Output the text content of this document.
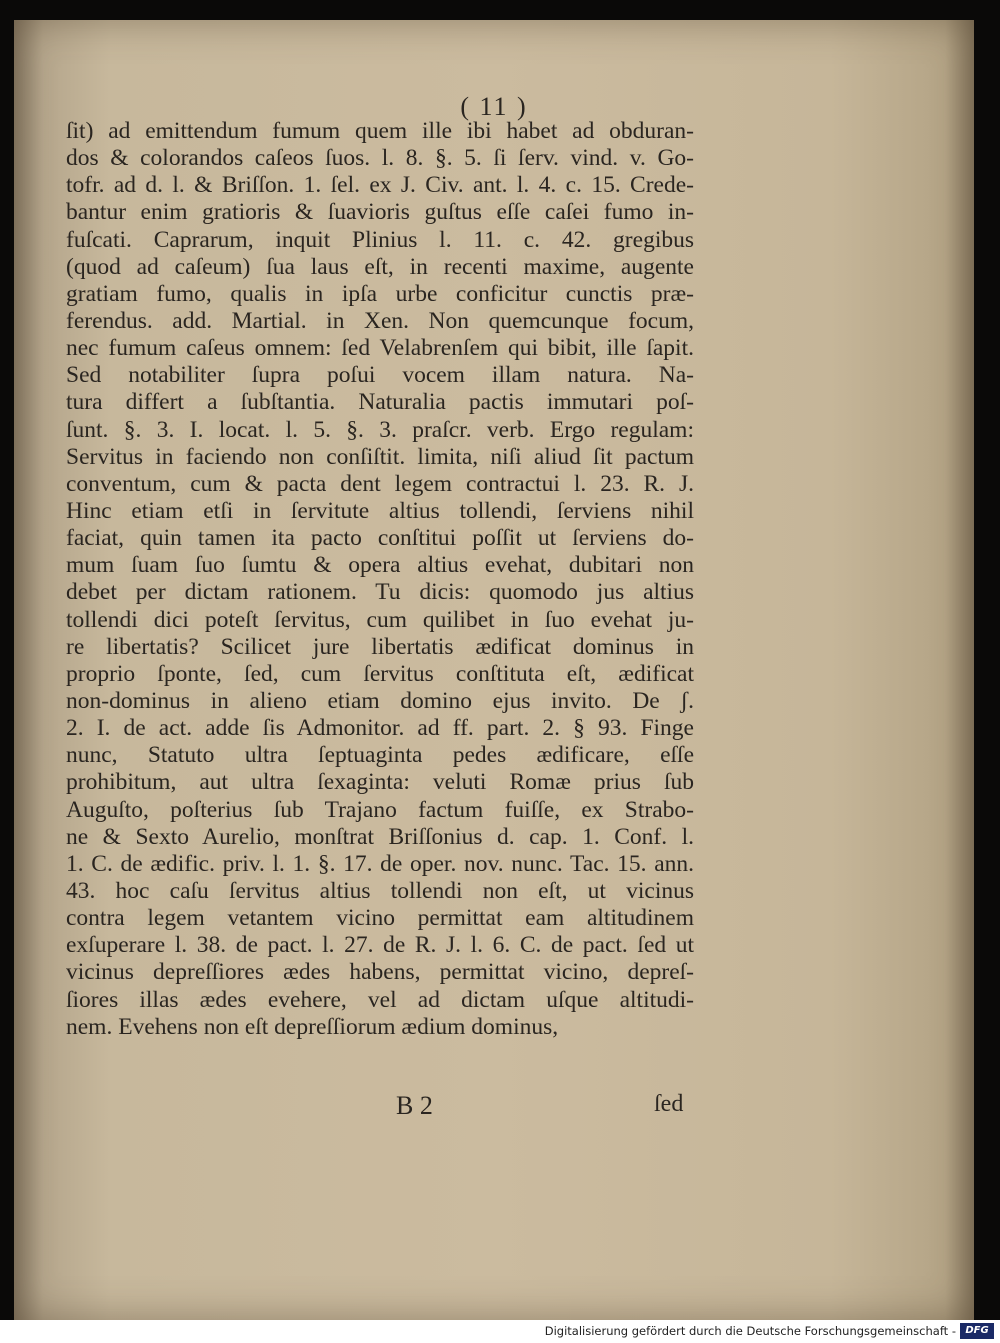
( 11 )
ſit) ad emittendum fumum quem ille ibi habet ad obduran-
dos & colorandos caſeos ſuos. l. 8. §. 5. ſi ſerv. vind. v. Go-
tofr. ad d. l. & Briſſon. 1. ſel. ex J. Civ. ant. l. 4. c. 15. Crede-
bantur enim gratioris & ſuavioris guſtus eſſe caſei fumo in-
fuſcati. Caprarum, inquit Plinius l. 11. c. 42. gregibus
(quod ad caſeum) ſua laus eſt, in recenti maxime, augente
gratiam fumo, qualis in ipſa urbe conficitur cunctis præ-
ferendus. add. Martial. in Xen. Non quemcunque focum,
nec fumum caſeus omnem: ſed Velabrenſem qui bibit, ille ſapit.
Sed notabiliter ſupra poſui vocem illam natura. Na-
tura differt a ſubſtantia. Naturalia pactis immutari poſ-
ſunt. §. 3. I. locat. l. 5. §. 3. praſcr. verb. Ergo regulam:
Servitus in faciendo non conſiſtit. limita, niſi aliud ſit pactum
conventum, cum & pacta dent legem contractui l. 23. R. J.
Hinc etiam etſi in ſervitute altius tollendi, ſerviens nihil
faciat, quin tamen ita pacto conſtitui poſſit ut ſerviens do-
mum ſuam ſuo ſumtu & opera altius evehat, dubitari non
debet per dictam rationem. Tu dicis: quomodo jus altius
tollendi dici poteſt ſervitus, cum quilibet in ſuo evehat ju-
re libertatis? Scilicet jure libertatis ædificat dominus in
proprio ſponte, ſed, cum ſervitus conſtituta eſt, ædificat
non-dominus in alieno etiam domino ejus invito. De ʃ.
2. I. de act. adde ſis Admonitor. ad ff. part. 2. § 93. Finge
nunc, Statuto ultra ſeptuaginta pedes ædificare, eſſe
prohibitum, aut ultra ſexaginta: veluti Romæ prius ſub
Auguſto, poſterius ſub Trajano factum fuiſſe, ex Strabo-
ne & Sexto Aurelio, monſtrat Briſſonius d. cap. 1. Conf. l.
1. C. de ædific. priv. l. 1. §. 17. de oper. nov. nunc. Tac. 15. ann.
43. hoc caſu ſervitus altius tollendi non eſt, ut vicinus
contra legem vetantem vicino permittat eam altitudinem
exſuperare l. 38. de pact. l. 27. de R. J. l. 6. C. de pact. ſed ut
vicinus depreſſiores ædes habens, permittat vicino, depreſ-
ſiores illas ædes evehere, vel ad dictam uſque altitudi-
nem. Evehens non eſt depreſſiorum ædium dominus,
B 2	ſed
Digitalisierung gefördert durch die Deutsche Forschungsgemeinschaft - DFG
